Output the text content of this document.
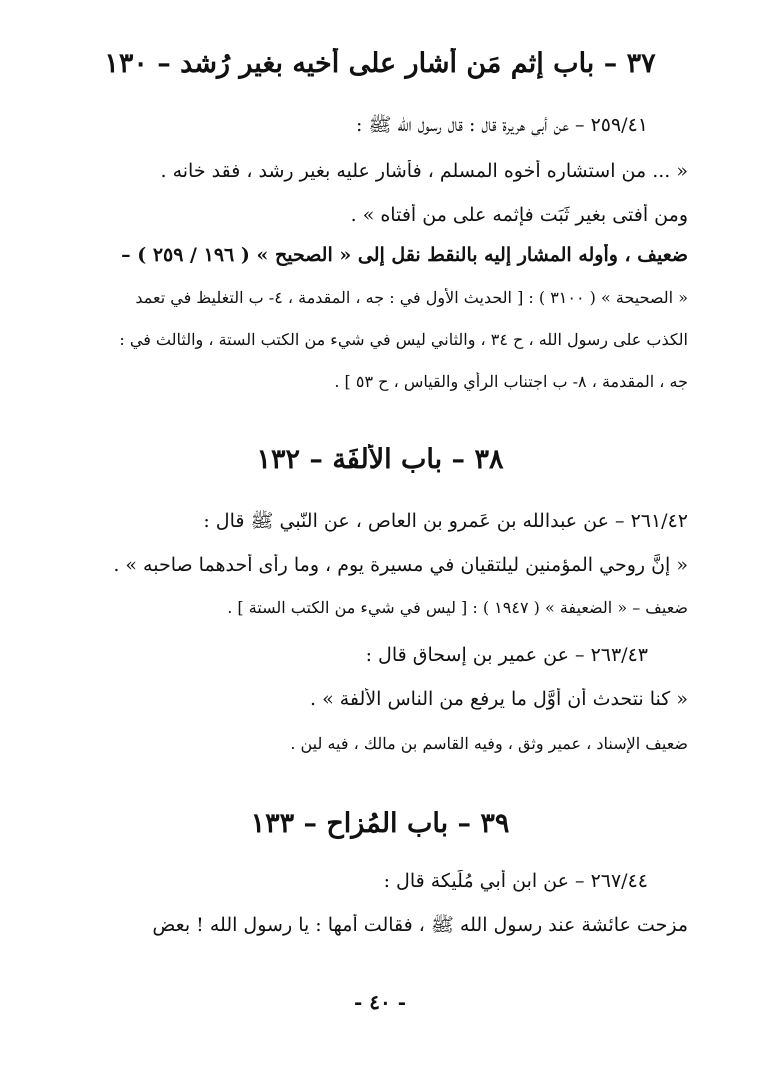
٣٧ – باب إثم مَن أشار على أخيه بغير رُشد – ١٣٠
٢٥٩/٤١ – عن أبي هريرة قال : قال رسول الله ﷺ :
« ... من استشاره أخوه المسلم ، فأشار عليه بغير رشد ، فقد خانه .
ومن أفتى بغير ثَبَت فإثمه على من أفتاه » .
ضعيف ، وأوله المشار إليه بالنقط نقل إلى « الصحيح » ( ١٩٦ / ٢٥٩ ) –
« الصحيحة » ( ٣١٠٠ ) : [ الحديث الأول في : جه ، المقدمة ، ٤- ب التغليظ في تعمد
الكذب على رسول الله ، ح ٣٤ ، والثاني ليس في شيء من الكتب الستة ، والثالث في :
جه ، المقدمة ، ٨- ب اجتناب الرأي والقياس ، ح ٥٣ ] .
٣٨ – باب الأُلفَة – ١٣٢
٢٦١/٤٢ – عن عبدالله بن عَمرو بن العاص ، عن النّبي ﷺ قال :
« إنَّ روحي المؤمنين ليلتقيان في مسيرة يوم ، وما رأى أحدهما صاحبه » .
ضعيف – « الضعيفة » ( ١٩٤٧ ) : [ ليس في شيء من الكتب الستة ] .
٢٦٣/٤٣ – عن عمير بن إسحاق قال :
« كنا نتحدث أن أوَّل ما يرفع من الناس الأُلفة » .
ضعيف الإسناد ، عمير وثق ، وفيه القاسم بن مالك ، فيه لين .
٣٩ – باب المُزاح – ١٣٣
٢٦٧/٤٤ – عن ابن أبي مُلَيكة قال :
مزحت عائشة عند رسول الله ﷺ ، فقالت أمها : يا رسول الله ! بعض
- ٤٠ -
